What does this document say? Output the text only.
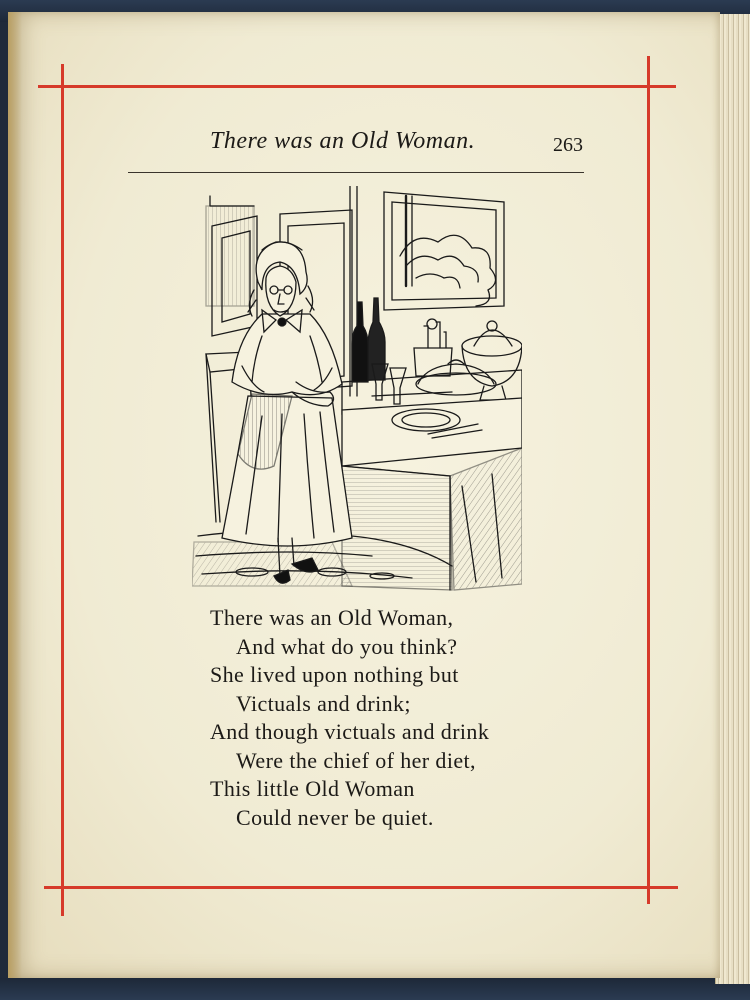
There was an Old Woman.	263
There was an Old Woman,
And what do you think?
She lived upon nothing but
Victuals and drink;
And though victuals and drink
Were the chief of her diet,
This little Old Woman
Could never be quiet.
